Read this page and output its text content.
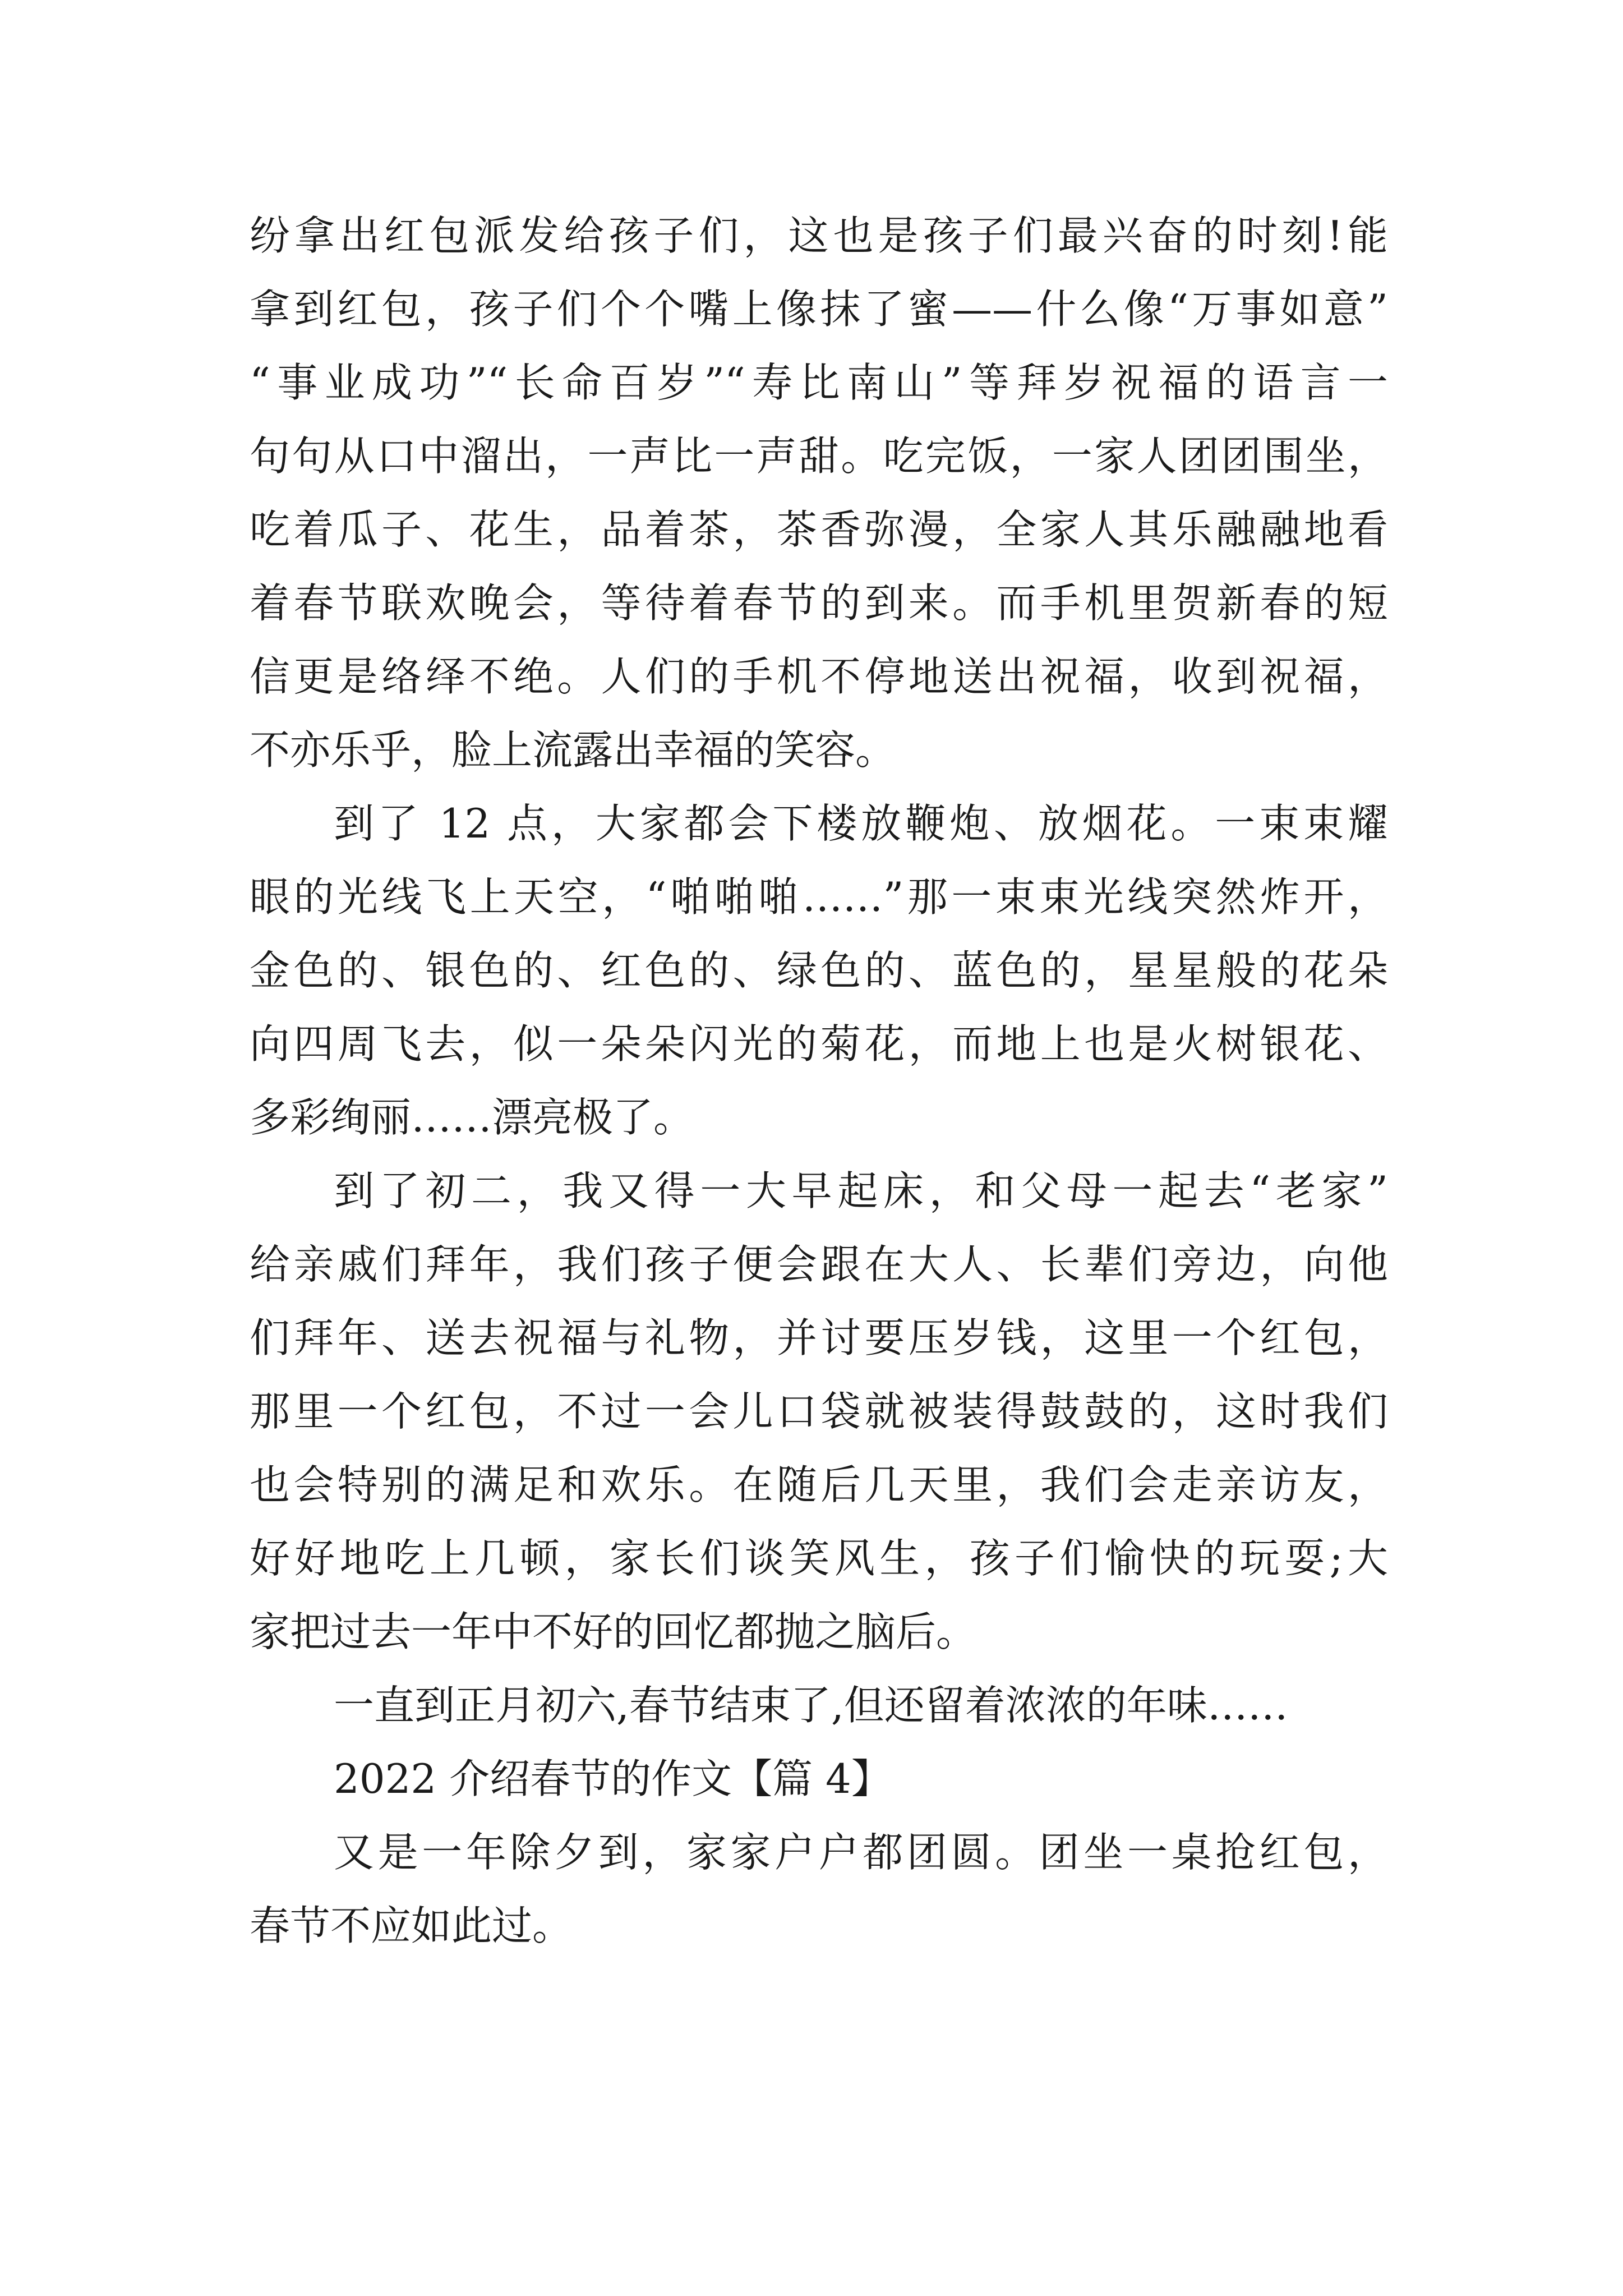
纷拿出红包派发给孩子们，这也是孩子们最兴奋的时刻!能
拿到红包，孩子们个个嘴上像抹了蜜——什么像“万事如意”
“事业成功”“长命百岁”“寿比南山”等拜岁祝福的语言一
句句从口中溜出，一声比一声甜。吃完饭，一家人团团围坐，
吃着瓜子、花生，品着茶，茶香弥漫，全家人其乐融融地看
着春节联欢晚会，等待着春节的到来。而手机里贺新春的短
信更是络绎不绝。人们的手机不停地送出祝福，收到祝福，
不亦乐乎，脸上流露出幸福的笑容。
到了 12 点，大家都会下楼放鞭炮、放烟花。一束束耀
眼的光线飞上天空，“啪啪啪……”那一束束光线突然炸开，
金色的、银色的、红色的、绿色的、蓝色的，星星般的花朵
向四周飞去，似一朵朵闪光的菊花，而地上也是火树银花、
多彩绚丽……漂亮极了。
到了初二，我又得一大早起床，和父母一起去“老家”
给亲戚们拜年，我们孩子便会跟在大人、长辈们旁边，向他
们拜年、送去祝福与礼物，并讨要压岁钱，这里一个红包，
那里一个红包，不过一会儿口袋就被装得鼓鼓的，这时我们
也会特别的满足和欢乐。在随后几天里，我们会走亲访友，
好好地吃上几顿，家长们谈笑风生，孩子们愉快的玩耍;大
家把过去一年中不好的回忆都抛之脑后。
一直到正月初六,春节结束了,但还留着浓浓的年味……
2022 介绍春节的作文【篇 4】
又是一年除夕到，家家户户都团圆。团坐一桌抢红包，
春节不应如此过。
